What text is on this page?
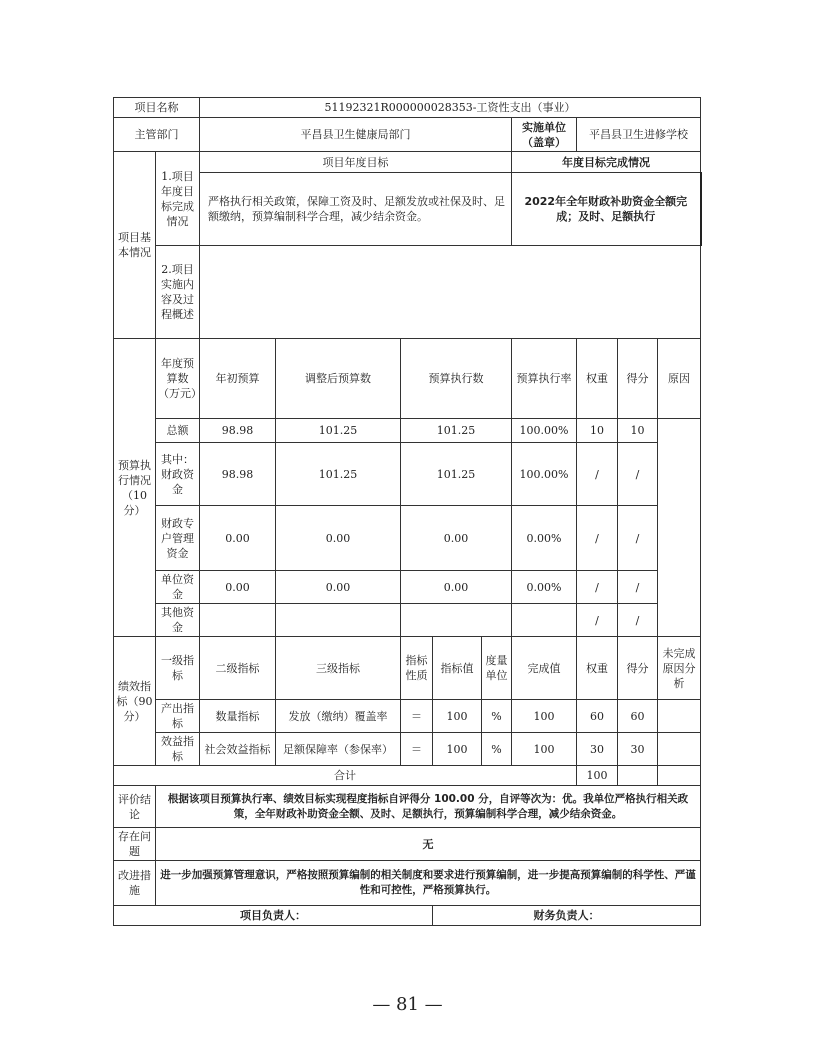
项目名称		51192321R000000028353-工资性支出（事业）								
主管部门		平昌县卫生健康局部门					实施单位（盖章）	平昌县卫生进修学校		
项目基本情况	1.项目年度目标完成情况	项目年度目标					年度目标完成情况			
		严格执行相关政策，保障工资及时、足额发放或社保及时、足额缴纳，预算编制科学合理，减少结余资金。					2022年全年财政补助资金全额完成；及时、足额执行			
	2.项目实施内容及过程概述									
预算执行情况（10分）	年度预算数（万元）	年初预算	调整后预算数	预算执行数			预算执行率	权重	得分	原因
	总额	98.98	101.25	101.25			100.00%	10	10	
	其中：财政资金	98.98	101.25	101.25			100.00%	/	/	
	财政专户管理资金	0.00	0.00	0.00			0.00%	/	/	
	单位资金	0.00	0.00	0.00			0.00%	/	/	
	其他资金							/	/	
绩效指标（90分）	一级指标	二级指标	三级指标	指标性质	指标值	度量单位	完成值	权重	得分	未完成原因分析
	产出指标	数量指标	发放（缴纳）覆盖率	＝	100	%	100	60	60	
	效益指标	社会效益指标	足额保障率（参保率）	＝	100	%	100	30	30	
合计								100		
评价结论	根据该项目预算执行率、绩效目标实现程度指标自评得分 100.00 分，自评等次为：优。我单位严格执行相关政策，全年财政补助资金全额、及时、足额执行，预算编制科学合理，减少结余资金。									
存在问题	无									
改进措施	进一步加强预算管理意识，严格按照预算编制的相关制度和要求进行预算编制，进一步提高预算编制的科学性、严谨性和可控性，严格预算执行。									
项目负责人：					财务负责人：					
— 81 —
